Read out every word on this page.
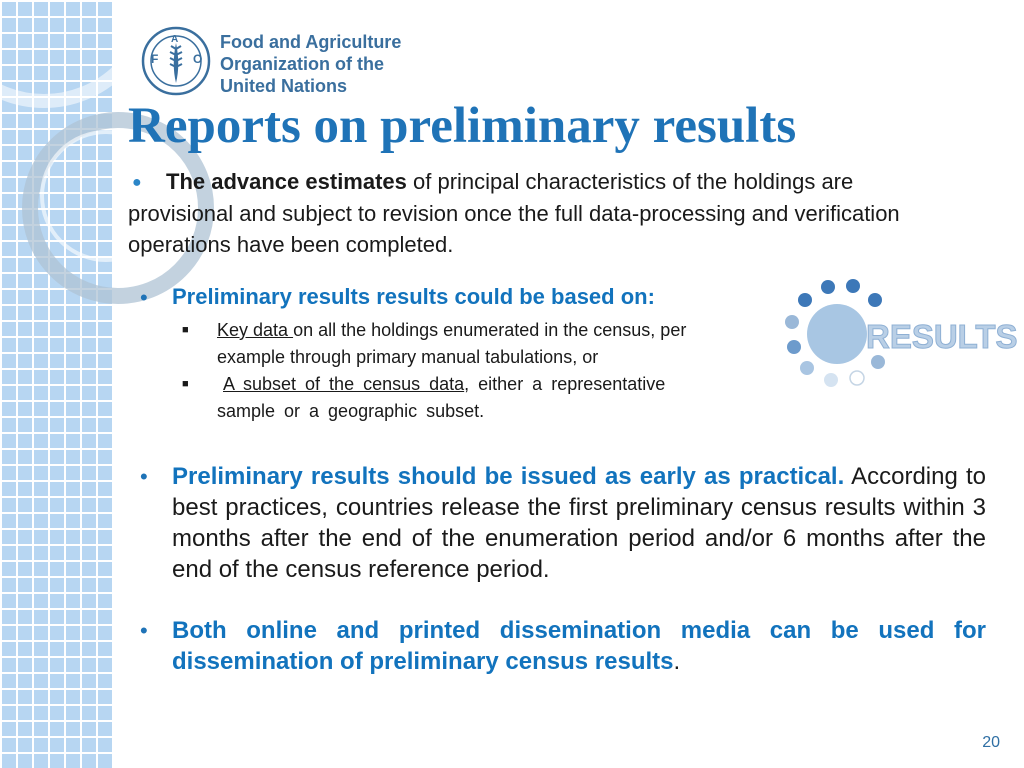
F
A
O
Food and Agriculture
Organization of the
United Nations
Reports on preliminary results
● The advance estimates of principal characteristics of the holdings are provisional and subject to revision once the full data-processing and verification operations have been completed.
•	Preliminary results results could be based on:
■	Key data on all the holdings enumerated in the census, per example through primary manual tabulations, or
■	A subset of the census data, either a representative sample or a geographic subset.
RESULTS
•	Preliminary results should be issued as early as practical. According to best practices, countries release the first preliminary census results within 3 months after the end of the enumeration period and/or 6 months after the end of the census reference period.
•	Both online and printed dissemination media can be used for dissemination of preliminary census results.
20
